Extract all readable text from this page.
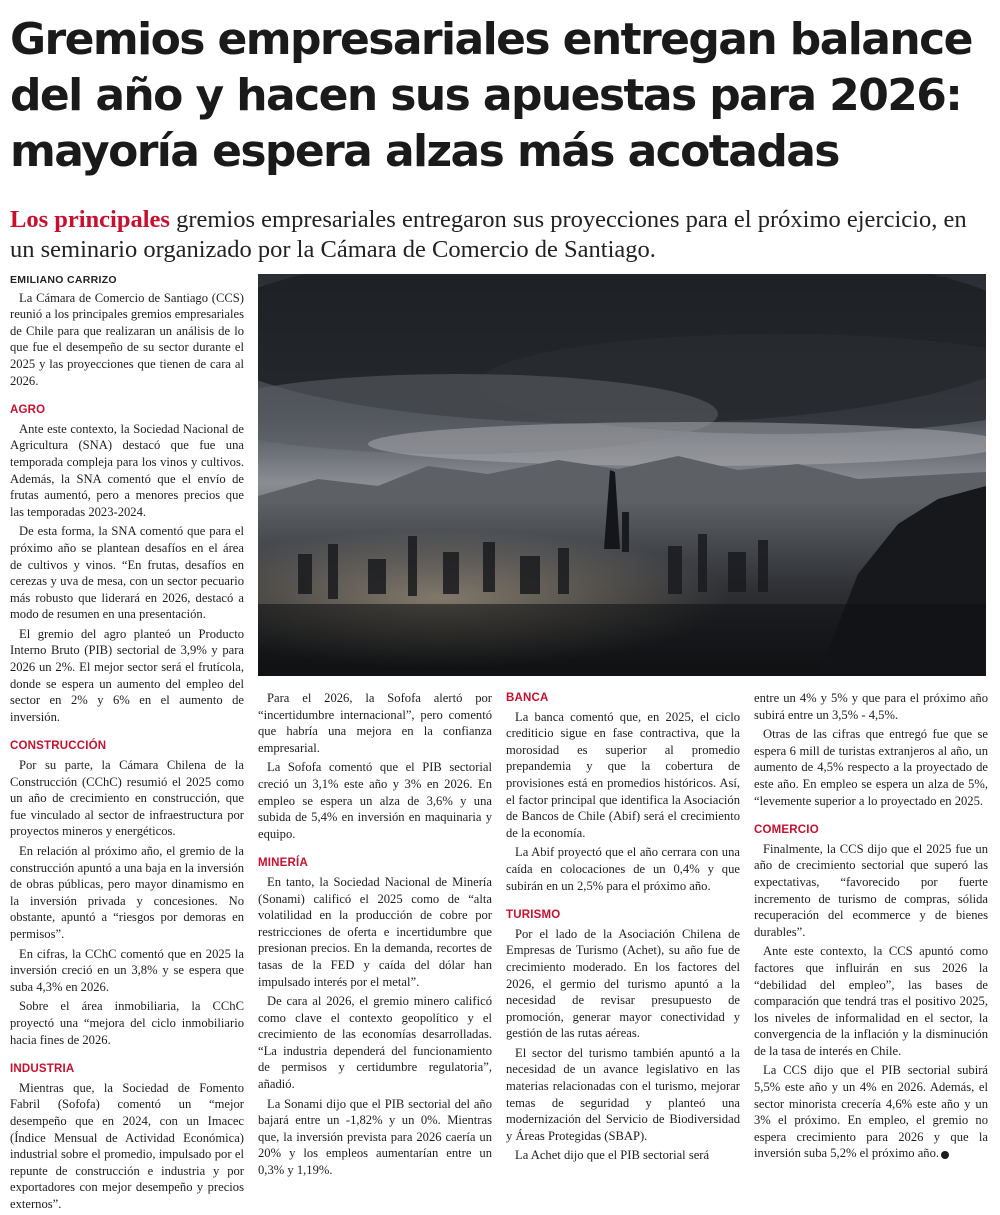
Gremios empresariales entregan balance del año y hacen sus apuestas para 2026: mayoría espera alzas más acotadas

Los principales gremios empresariales entregaron sus proyecciones para el próximo ejercicio, en un seminario organizado por la Cámara de Comercio de Santiago.

EMILIANO CARRIZO

La Cámara de Comercio de Santiago (CCS) reunió a los principales gremios empresariales de Chile para que realizaran un análisis de lo que fue el desempeño de su sector durante el 2025 y las proyecciones que tienen de cara al 2026.

AGRO

Ante este contexto, la Sociedad Nacional de Agricultura (SNA) destacó que fue una temporada compleja para los vinos y cultivos. Además, la SNA comentó que el envío de frutas aumentó, pero a menores precios que las temporadas 2023-2024.

De esta forma, la SNA comentó que para el próximo año se plantean desafíos en el área de cultivos y vinos. “En frutas, desafíos en cerezas y uva de mesa, con un sector pecuario más robusto que liderará en 2026, destacó a modo de resumen en una presentación.

El gremio del agro planteó un Producto Interno Bruto (PIB) sectorial de 3,9% y para 2026 un 2%. El mejor sector será el frutícola, donde se espera un aumento del empleo del sector en 2% y 6% en el aumento de inversión.

CONSTRUCCIÓN

Por su parte, la Cámara Chilena de la Construcción (CChC) resumió el 2025 como un año de crecimiento en construcción, que fue vinculado al sector de infraestructura por proyectos mineros y energéticos.

En relación al próximo año, el gremio de la construcción apuntó a una baja en la inversión de obras públicas, pero mayor dinamismo en la inversión privada y concesiones. No obstante, apuntó a “riesgos por demoras en permisos”.

En cifras, la CChC comentó que en 2025 la inversión creció en un 3,8% y se espera que suba 4,3% en 2026.

Sobre el área inmobiliaria, la CChC proyectó una “mejora del ciclo inmobiliario hacia fines de 2026.

INDUSTRIA

Mientras que, la Sociedad de Fomento Fabril (Sofofa) comentó un “mejor desempeño que en 2024, con un Imacec (Índice Mensual de Actividad Económica) industrial sobre el promedio, impulsado por el repunte de construcción e industria y por exportadores con mejor desempeño y precios externos”.

Para el 2026, la Sofofa alertó por “incertidumbre internacional”, pero comentó que habría una mejora en la confianza empresarial.

La Sofofa comentó que el PIB sectorial creció un 3,1% este año y 3% en 2026. En empleo se espera un alza de 3,6% y una subida de 5,4% en inversión en maquinaria y equipo.

MINERÍA

En tanto, la Sociedad Nacional de Minería (Sonami) calificó el 2025 como de “alta volatilidad en la producción de cobre por restricciones de oferta e incertidumbre que presionan precios. En la demanda, recortes de tasas de la FED y caída del dólar han impulsado interés por el metal”.

De cara al 2026, el gremio minero calificó como clave el contexto geopolítico y el crecimiento de las economías desarrolladas. “La industria dependerá del funcionamiento de permisos y certidumbre regulatoria”, añadió.

La Sonami dijo que el PIB sectorial del año bajará entre un -1,82% y un 0%. Mientras que, la inversión prevista para 2026 caería un 20% y los empleos aumentarían entre un 0,3% y 1,19%.

BANCA

La banca comentó que, en 2025, el ciclo crediticio sigue en fase contractiva, que la morosidad es superior al promedio prepandemia y que la cobertura de provisiones está en promedios históricos. Así, el factor principal que identifica la Asociación de Bancos de Chile (Abif) será el crecimiento de la economía.

La Abif proyectó que el año cerrara con una caída en colocaciones de un 0,4% y que subirán en un 2,5% para el próximo año.

TURISMO

Por el lado de la Asociación Chilena de Empresas de Turismo (Achet), su año fue de crecimiento moderado. En los factores del 2026, el germio del turismo apuntó a la necesidad de revisar presupuesto de promoción, generar mayor conectividad y gestión de las rutas aéreas.

El sector del turismo también apuntó a la necesidad de un avance legislativo en las materias relacionadas con el turismo, mejorar temas de seguridad y planteó una modernización del Servicio de Biodiversidad y Áreas Protegidas (SBAP).

La Achet dijo que el PIB sectorial será

entre un 4% y 5% y que para el próximo año subirá entre un 3,5% - 4,5%.

Otras de las cifras que entregó fue que se espera 6 mill de turistas extranjeros al año, un aumento de 4,5% respecto a la proyectado de este año. En empleo se espera un alza de 5%, “levemente superior a lo proyectado en 2025.

COMERCIO

Finalmente, la CCS dijo que el 2025 fue un año de crecimiento sectorial que superó las expectativas, “favorecido por fuerte incremento de turismo de compras, sólida recuperación del ecommerce y de bienes durables”.

Ante este contexto, la CCS apuntó como factores que influirán en sus 2026 la “debilidad del empleo”, las bases de comparación que tendrá tras el positivo 2025, los niveles de informalidad en el sector, la convergencia de la inflación y la disminución de la tasa de interés en Chile.

La CCS dijo que el PIB sectorial subirá 5,5% este año y un 4% en 2026. Además, el sector minorista crecería 4,6% este año y un 3% el próximo. En empleo, el gremio no espera crecimiento para 2026 y que la inversión suba 5,2% el próximo año.
